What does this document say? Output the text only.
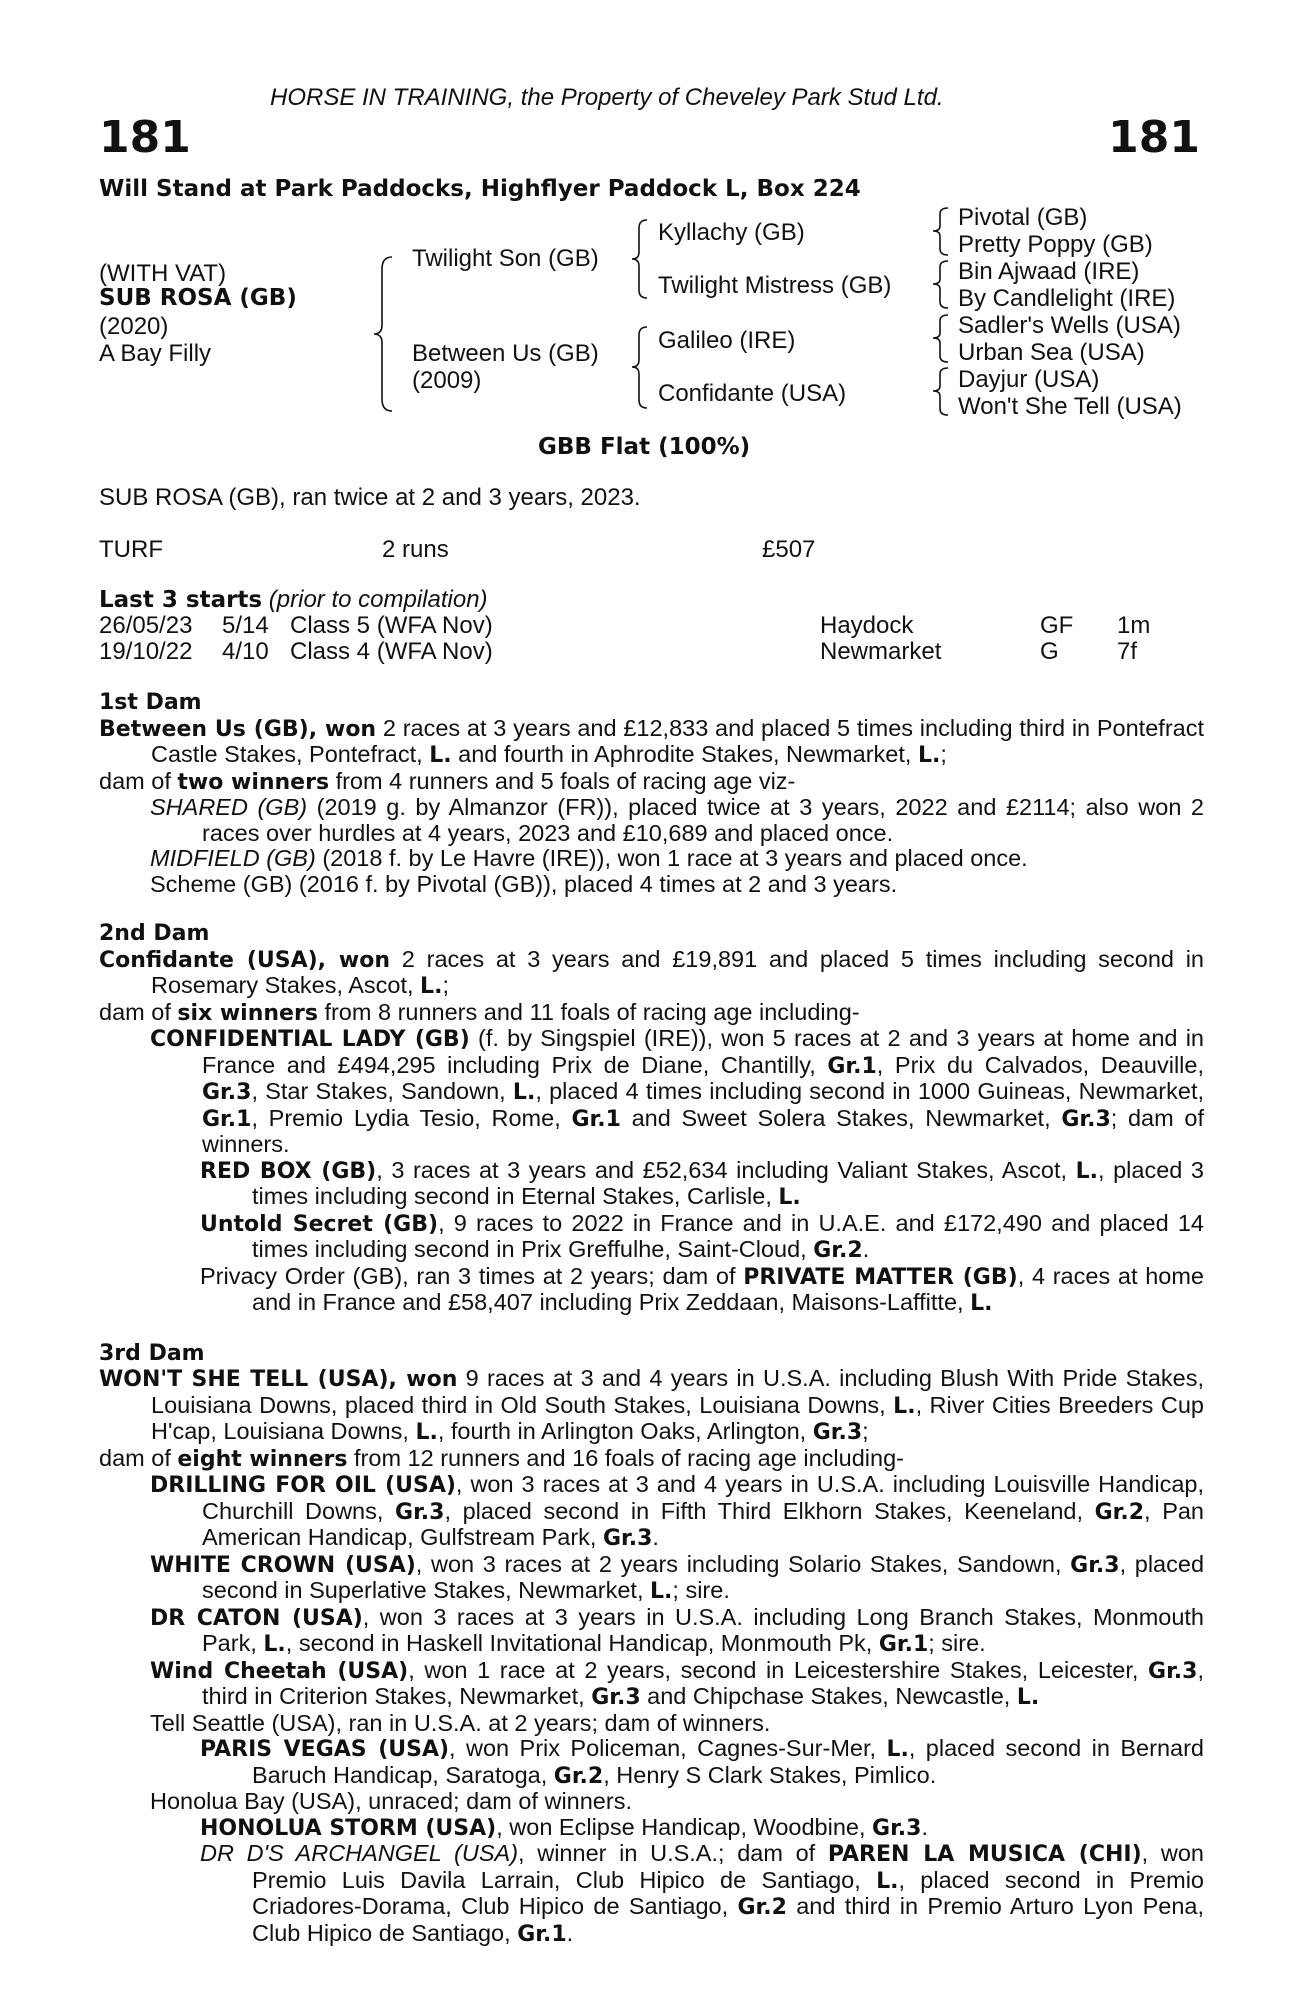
HORSE IN TRAINING, the Property of Cheveley Park Stud Ltd.
181	181
Will Stand at Park Paddocks, Highflyer Paddock L, Box 224
(WITH VAT)
SUB ROSA (GB)
(2020)
A Bay Filly
Twilight Son (GB)
Between Us (GB)
(2009)
Kyllachy (GB)
Twilight Mistress (GB)
Galileo (IRE)
Confidante (USA)
Pivotal (GB)
Pretty Poppy (GB)
Bin Ajwaad (IRE)
By Candlelight (IRE)
Sadler's Wells (USA)
Urban Sea (USA)
Dayjur (USA)
Won't She Tell (USA)
GBB Flat (100%)
SUB ROSA (GB), ran twice at 2 and 3 years, 2023.
TURF	2 runs	£507
Last 3 starts (prior to compilation)
26/05/23 5/14 Class 5 (WFA Nov)	Haydock	GF 1m
19/10/22 4/10 Class 4 (WFA Nov)	Newmarket	G 7f

1st Dam

Between Us (GB), won 2 races at 3 years and £12,833 and placed 5 times including third in Pontefract Castle Stakes, Pontefract, L. and fourth in Aphrodite Stakes, Newmarket, L.;

dam of two winners from 4 runners and 5 foals of racing age viz-

SHARED (GB) (2019 g. by Almanzor (FR)), placed twice at 3 years, 2022 and £2114; also won 2 races over hurdles at 4 years, 2023 and £10,689 and placed once.

MIDFIELD (GB) (2018 f. by Le Havre (IRE)), won 1 race at 3 years and placed once.

Scheme (GB) (2016 f. by Pivotal (GB)), placed 4 times at 2 and 3 years.

2nd Dam

Confidante (USA), won 2 races at 3 years and £19,891 and placed 5 times including second in Rosemary Stakes, Ascot, L.;

dam of six winners from 8 runners and 11 foals of racing age including-

CONFIDENTIAL LADY (GB) (f. by Singspiel (IRE)), won 5 races at 2 and 3 years at home and in France and £494,295 including Prix de Diane, Chantilly, Gr.1, Prix du Calvados, Deauville, Gr.3, Star Stakes, Sandown, L., placed 4 times including second in 1000 Guineas, Newmarket, Gr.1, Premio Lydia Tesio, Rome, Gr.1 and Sweet Solera Stakes, Newmarket, Gr.3; dam of winners.

RED BOX (GB), 3 races at 3 years and £52,634 including Valiant Stakes, Ascot, L., placed 3 times including second in Eternal Stakes, Carlisle, L.

Untold Secret (GB), 9 races to 2022 in France and in U.A.E. and £172,490 and placed 14 times including second in Prix Greffulhe, Saint-Cloud, Gr.2.

Privacy Order (GB), ran 3 times at 2 years; dam of PRIVATE MATTER (GB), 4 races at home and in France and £58,407 including Prix Zeddaan, Maisons-Laffitte, L.

3rd Dam

WON'T SHE TELL (USA), won 9 races at 3 and 4 years in U.S.A. including Blush With Pride Stakes, Louisiana Downs, placed third in Old South Stakes, Louisiana Downs, L., River Cities Breeders Cup H'cap, Louisiana Downs, L., fourth in Arlington Oaks, Arlington, Gr.3;

dam of eight winners from 12 runners and 16 foals of racing age including-

DRILLING FOR OIL (USA), won 3 races at 3 and 4 years in U.S.A. including Louisville Handicap, Churchill Downs, Gr.3, placed second in Fifth Third Elkhorn Stakes, Keeneland, Gr.2, Pan American Handicap, Gulfstream Park, Gr.3.

WHITE CROWN (USA), won 3 races at 2 years including Solario Stakes, Sandown, Gr.3, placed second in Superlative Stakes, Newmarket, L.; sire.

DR CATON (USA), won 3 races at 3 years in U.S.A. including Long Branch Stakes, Monmouth Park, L., second in Haskell Invitational Handicap, Monmouth Pk, Gr.1; sire.

Wind Cheetah (USA), won 1 race at 2 years, second in Leicestershire Stakes, Leicester, Gr.3, third in Criterion Stakes, Newmarket, Gr.3 and Chipchase Stakes, Newcastle, L.

Tell Seattle (USA), ran in U.S.A. at 2 years; dam of winners.

PARIS VEGAS (USA), won Prix Policeman, Cagnes-Sur-Mer, L., placed second in Bernard Baruch Handicap, Saratoga, Gr.2, Henry S Clark Stakes, Pimlico.

Honolua Bay (USA), unraced; dam of winners.

HONOLUA STORM (USA), won Eclipse Handicap, Woodbine, Gr.3.

DR D'S ARCHANGEL (USA), winner in U.S.A.; dam of PAREN LA MUSICA (CHI), won Premio Luis Davila Larrain, Club Hipico de Santiago, L., placed second in Premio Criadores-Dorama, Club Hipico de Santiago, Gr.2 and third in Premio Arturo Lyon Pena, Club Hipico de Santiago, Gr.1.
